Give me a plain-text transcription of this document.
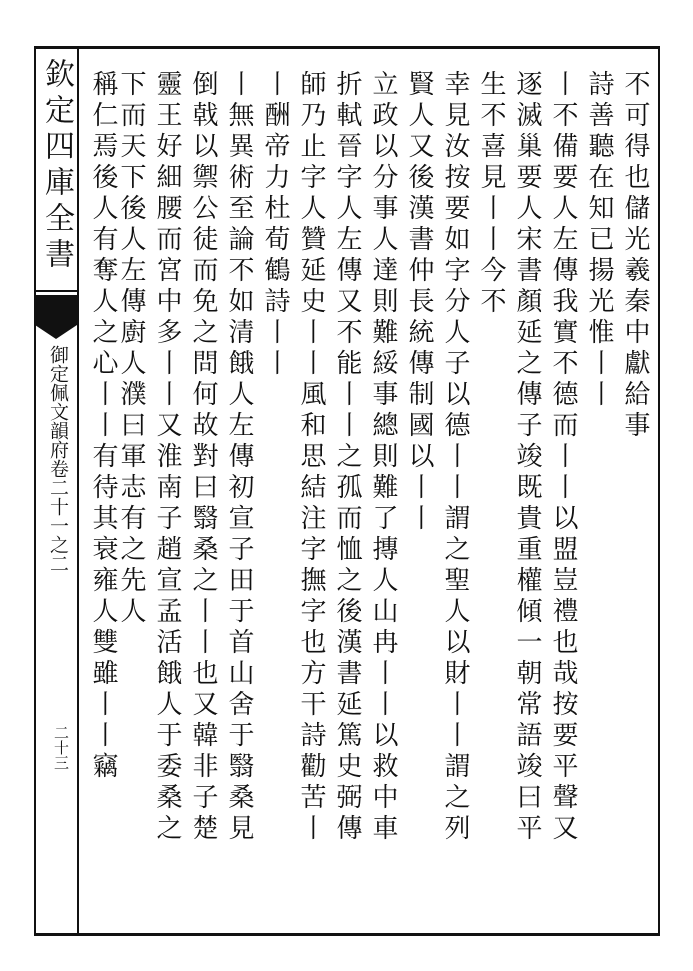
欽定四庫全書
御定佩文韻府卷二十一之二
二十三
不可得也儲光羲秦中獻給事
詩善聽在知已揚光惟丨丨
丨不備要人左傳我實不德而丨丨以盟豈禮也哉按要平聲又
逐滅巢要人宋書顏延之傳子竣既貴重權傾一朝常語竣曰平
生不喜見丨丨今不
幸見汝按要如字分人子以德丨丨謂之聖人以財丨丨謂之列
賢人又後漢書仲長統傳制國以丨丨
立政以分事人達則難綏事總則難了摶人山冉丨丨以救中車
折軾晉字人左傳又不能丨丨之孤而恤之後漢書延篤史弼傳
師乃止字人贊延史丨丨風和思結注字撫字也方干詩勸苦丨
丨酬帝力杜荀鶴詩丨丨
丨無異術至論不如清餓人左傳初宣子田于首山舍于翳桑見
倒戟以禦公徒而免之問何故對曰翳桑之丨丨也又韓非子楚
靈王好細腰而宮中多丨丨又淮南子趙宣孟活餓人于委桑之
下而天下後人左傳廚人濮曰軍志有之先人
稱仁焉後人有奪人之心丨丨有待其衰雍人雙雖丨丨竊
